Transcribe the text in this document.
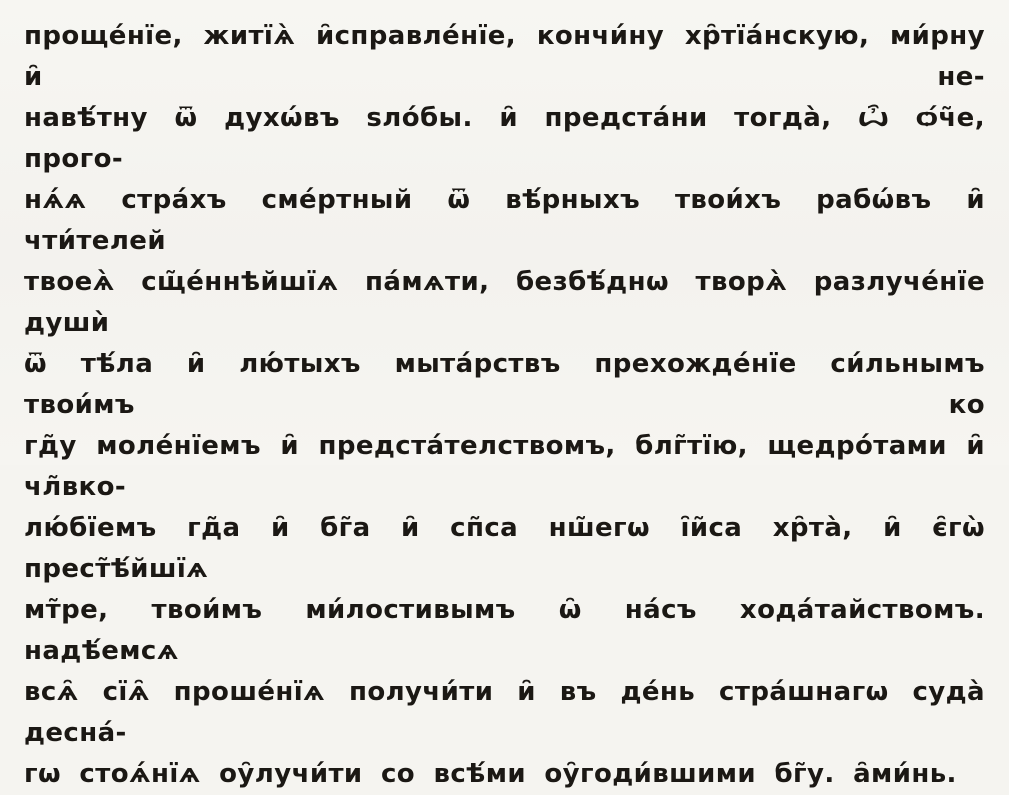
проще́нїе, житїѧ̀ и̑справле́нїе, кончи́ну хр̑тїа́нскую, ми́рну и̑ не-
навѣ́тну ѿ духѡ́въ ѕло́бы. и̑ предста́ни тогда̀, ѽ ѻ́ч̃е, прого-
нѧ́ѧ стра́хъ сме́ртный ѿ вѣ́рныхъ твои́хъ рабѡ́въ и̑ чти́телей
твоеѧ̀ сщ̃е́ннѣйшїѧ па́мѧти, безбѣ́днѡ творѧ̀ разлуче́нїе душѝ
ѿ тѣ́ла и̑ лю́тыхъ мыта́рствъ прехожде́нїе си́льнымъ твои́мъ ко
гд̃у моле́нїемъ и̑ предста́телствомъ, блг̃тїю, щедро́тами и̑ чл̃вко-
лю́бїемъ гд̃а и̑ бг̃а и̑ сп̃са нш̃егѡ і̑и̃са хр̑та̀, и̑ є̑гѡ̀ прест̃ѣ́йшїѧ
мт̃ре, твои́мъ ми́лостивымъ ѡ̑ на́съ хода́тайствомъ. надѣ́емсѧ
всѧ̑ сїѧ̑ проше́нїѧ получи́ти и̑ въ де́нь стра́шнагѡ суда̀ десна́-
гѡ стоѧ́нїѧ оу̑лучи́ти со всѣ́ми оу̑годи́вшими бг̃у. а̑ми́нь.
